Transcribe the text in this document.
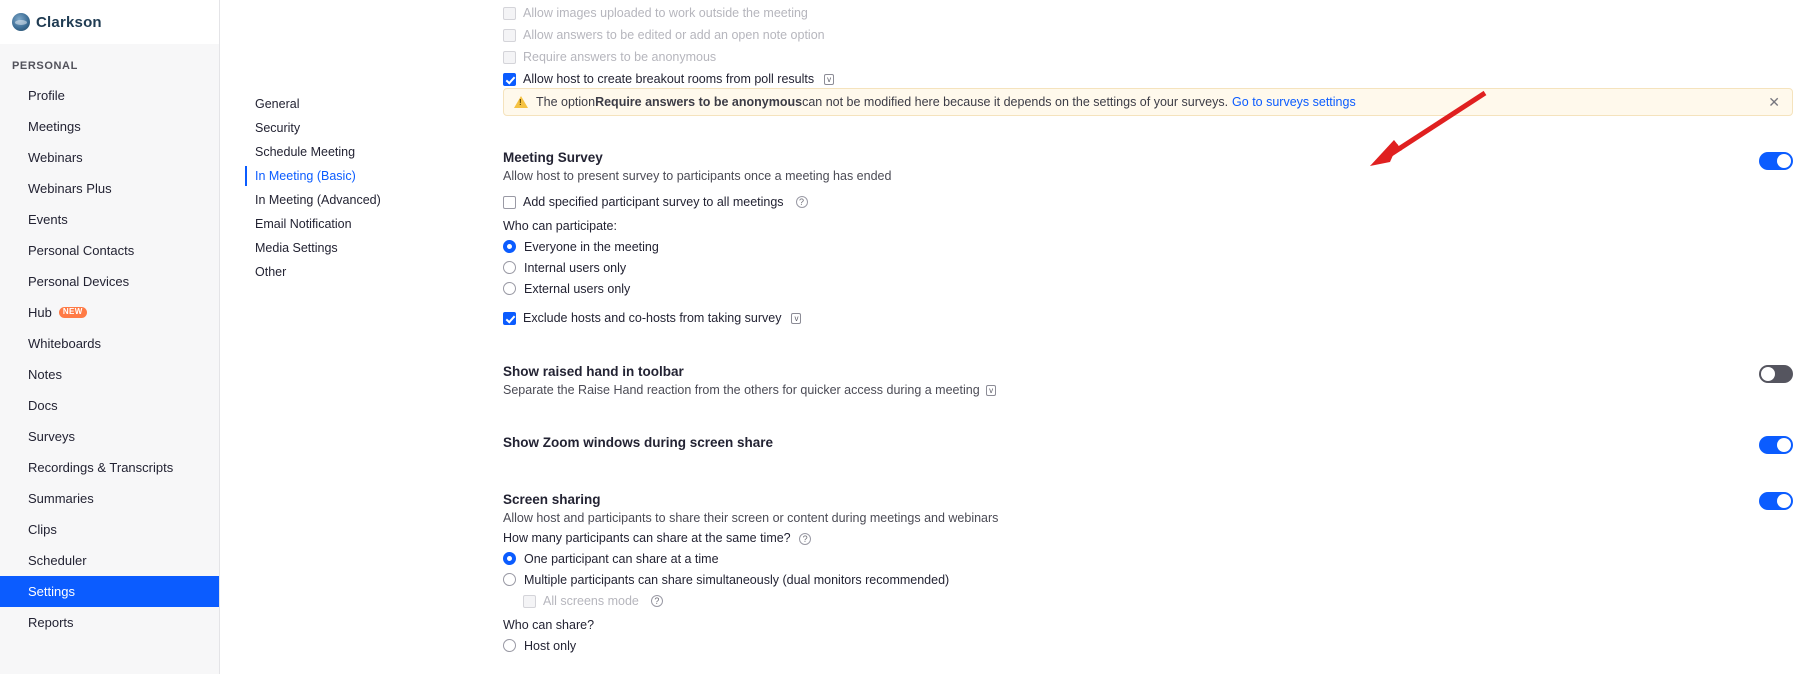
Clarkson
PERSONAL
Profile
Meetings
Webinars
Webinars Plus
Events
Personal Contacts
Personal Devices
Hub	NEW
Whiteboards
Notes
Docs
Surveys
Recordings & Transcripts
Summaries
Clips
Scheduler
Settings
Reports
General
Security
Schedule Meeting
In Meeting (Basic)
In Meeting (Advanced)
Email Notification
Media Settings
Other
Allow images uploaded to work outside the meeting
Allow answers to be edited or add an open note option
Require answers to be anonymous
Allow host to create breakout rooms from poll results	v
!
The option Require answers to be anonymous can not be modified here because it depends on the settings of your surveys. Go to surveys settings	✕
Meeting Survey
Allow host to present survey to participants once a meeting has ended
Add specified participant survey to all meetings	?
Who can participate:
Everyone in the meeting
Internal users only
External users only
Exclude hosts and co-hosts from taking survey	v
Show raised hand in toolbar
Separate the Raise Hand reaction from the others for quicker access during a meeting v
Show Zoom windows during screen share
Screen sharing
Allow host and participants to share their screen or content during meetings and webinars
How many participants can share at the same time? ?
One participant can share at a time
Multiple participants can share simultaneously (dual monitors recommended)
All screens mode	?
Who can share?
Host only
